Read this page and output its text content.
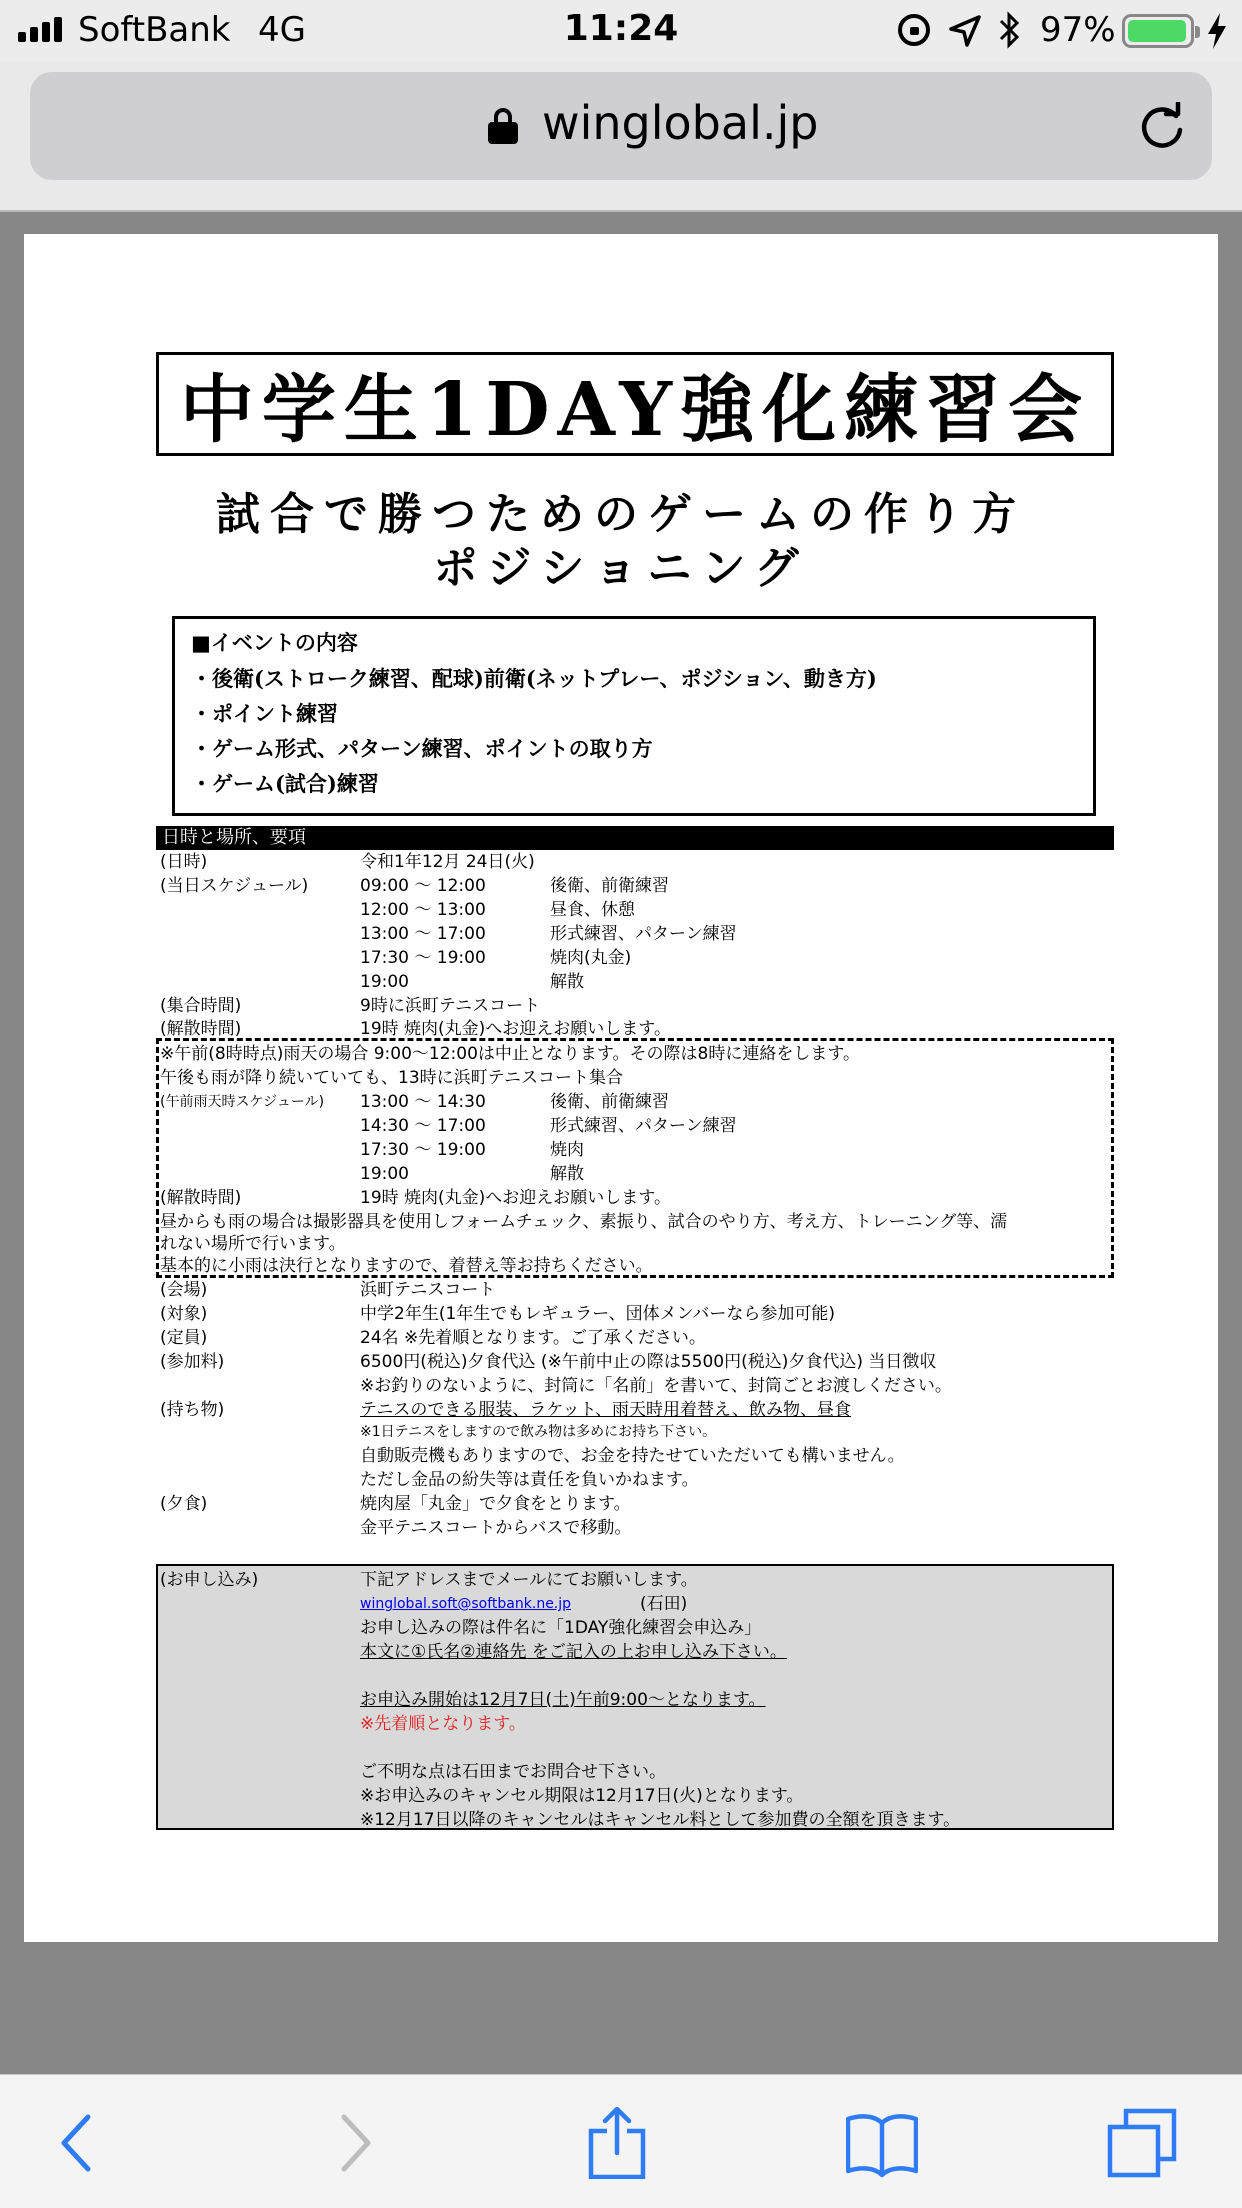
SoftBank 4G	11:24	97%
winglobal.jp
中学生1DAY強化練習会
試合で勝つためのゲームの作り方
ポジショニング
■イベントの内容
・後衛(ストローク練習、配球)前衛(ネットプレー、ポジション、動き方)
・ポイント練習
・ゲーム形式、パターン練習、ポイントの取り方
・ゲーム(試合)練習
日時と場所、要項
(日時)	令和1年12月 24日(火)
(当日スケジュール)	09:00 〜 12:00	後衛、前衛練習
12:00 〜 13:00	昼食、休憩
13:00 〜 17:00	形式練習、パターン練習
17:30 〜 19:00	焼肉(丸金)
19:00	解散
(集合時間)	9時に浜町テニスコート
(解散時間)	19時 焼肉(丸金)へお迎えお願いします。
※午前(8時時点)雨天の場合 9:00〜12:00は中止となります。その際は8時に連絡をします。
午後も雨が降り続いていても、13時に浜町テニスコート集合
(午前雨天時スケジュール) 13:00 〜 14:30	後衛、前衛練習
14:30 〜 17:00	形式練習、パターン練習
17:30 〜 19:00	焼肉
19:00	解散
(解散時間)	19時 焼肉(丸金)へお迎えお願いします。
昼からも雨の場合は撮影器具を使用しフォームチェック、素振り、試合のやり方、考え方、トレーニング等、濡
れない場所で行います。
基本的に小雨は決行となりますので、着替え等お持ちください。
(会場)	浜町テニスコート
(対象)	中学2年生(1年生でもレギュラー、団体メンバーなら参加可能)
(定員)	24名 ※先着順となります。ご了承ください。
(参加料)	6500円(税込)夕食代込 (※午前中止の際は5500円(税込)夕食代込) 当日徴収
※お釣りのないように、封筒に「名前」を書いて、封筒ごとお渡しください。
(持ち物)	テニスのできる服装、ラケット、雨天時用着替え、飲み物、昼食
※1日テニスをしますので飲み物は多めにお持ち下さい。
自動販売機もありますので、お金を持たせていただいても構いません。
ただし金品の紛失等は責任を負いかねます。
(夕食)	焼肉屋「丸金」で夕食をとります。
金平テニスコートからバスで移動。
(お申し込み)	下記アドレスまでメールにてお願いします。
winglobal.soft@softbank.ne.jp	(石田)
お申し込みの際は件名に「1DAY強化練習会申込み」
本文に①氏名②連絡先 をご記入の上お申し込み下さい。
お申込み開始は12月7日(土)午前9:00〜となります。
※先着順となります。
ご不明な点は石田までお問合せ下さい。
※お申込みのキャンセル期限は12月17日(火)となります。
※12月17日以降のキャンセルはキャンセル料として参加費の全額を頂きます。
